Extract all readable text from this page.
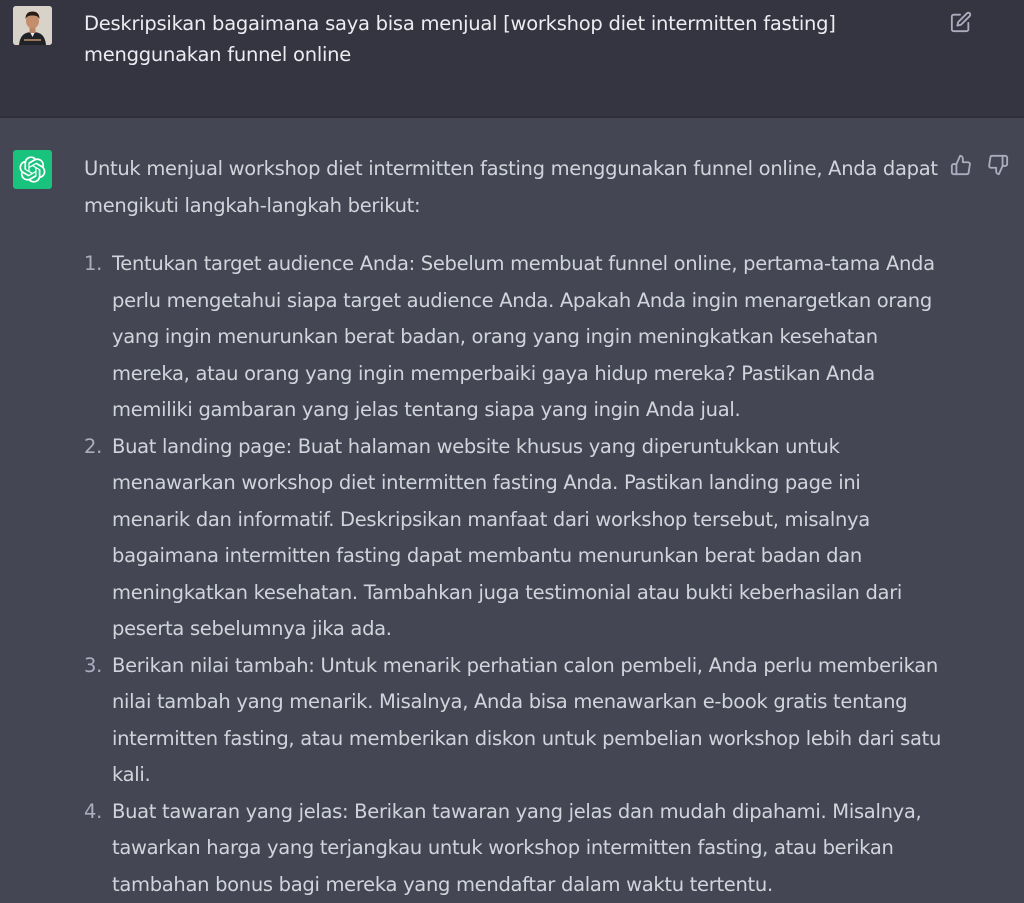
Deskripsikan bagaimana saya bisa menjual [workshop diet intermitten fasting] menggunakan funnel online

Untuk menjual workshop diet intermitten fasting menggunakan funnel online, Anda dapat mengikuti langkah-langkah berikut:

1. Tentukan target audience Anda: Sebelum membuat funnel online, pertama-tama Anda perlu mengetahui siapa target audience Anda. Apakah Anda ingin menargetkan orang yang ingin menurunkan berat badan, orang yang ingin meningkatkan kesehatan mereka, atau orang yang ingin memperbaiki gaya hidup mereka? Pastikan Anda memiliki gambaran yang jelas tentang siapa yang ingin Anda jual.
2. Buat landing page: Buat halaman website khusus yang diperuntukkan untuk menawarkan workshop diet intermitten fasting Anda. Pastikan landing page ini menarik dan informatif. Deskripsikan manfaat dari workshop tersebut, misalnya bagaimana intermitten fasting dapat membantu menurunkan berat badan dan meningkatkan kesehatan. Tambahkan juga testimonial atau bukti keberhasilan dari peserta sebelumnya jika ada.
3. Berikan nilai tambah: Untuk menarik perhatian calon pembeli, Anda perlu memberikan nilai tambah yang menarik. Misalnya, Anda bisa menawarkan e-book gratis tentang intermitten fasting, atau memberikan diskon untuk pembelian workshop lebih dari satu kali.
4. Buat tawaran yang jelas: Berikan tawaran yang jelas dan mudah dipahami. Misalnya, tawarkan harga yang terjangkau untuk workshop intermitten fasting, atau berikan tambahan bonus bagi mereka yang mendaftar dalam waktu tertentu.
